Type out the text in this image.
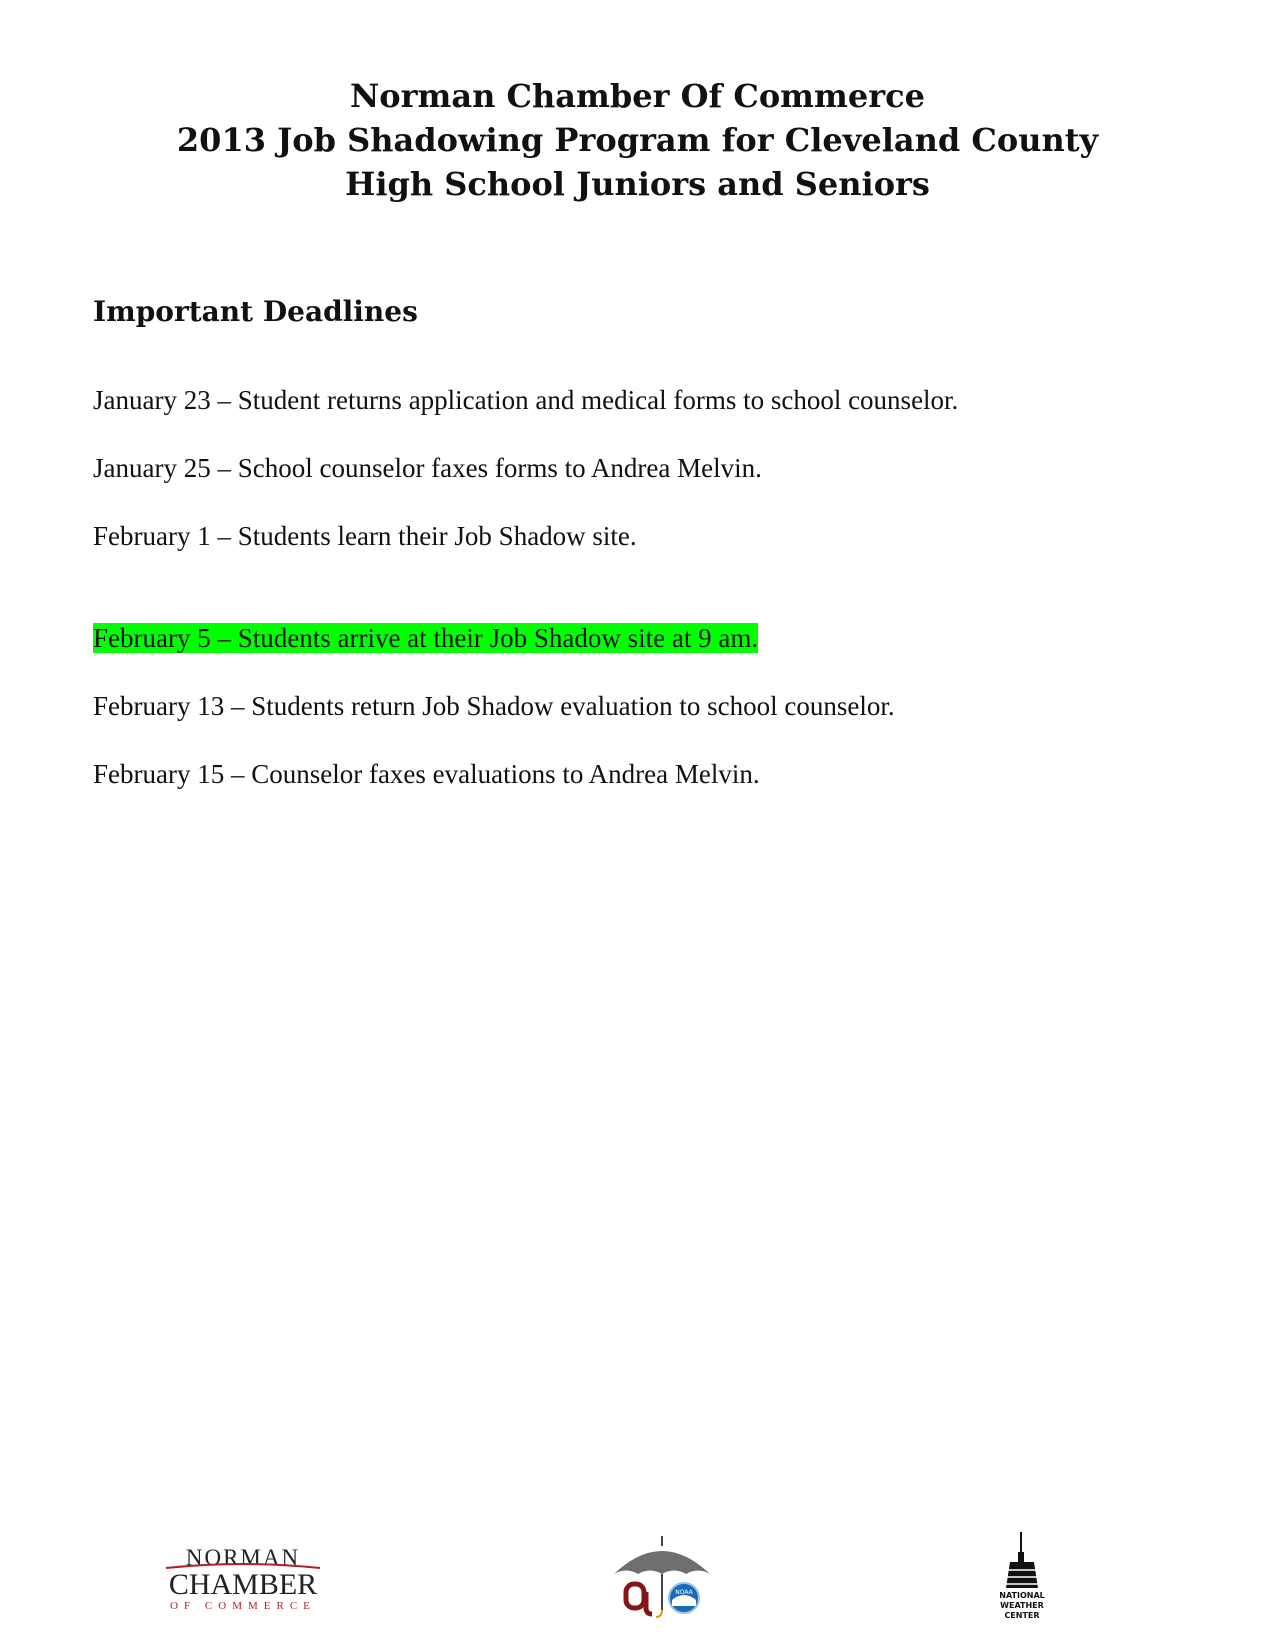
Norman Chamber Of Commerce
2013 Job Shadowing Program for Cleveland County
High School Juniors and Seniors
Important Deadlines

January 23 – Student returns application and medical forms to school counselor.

January 25 – School counselor faxes forms to Andrea Melvin.

February 1 – Students learn their Job Shadow site.

February 5 – Students arrive at their Job Shadow site at 9 am.

February 13 – Students return Job Shadow evaluation to school counselor.

February 15 – Counselor faxes evaluations to Andrea Melvin.

NORMAN
CHAMBER
OF COMMERCE
NOAA	NATIONAL
WEATHER
CENTER
